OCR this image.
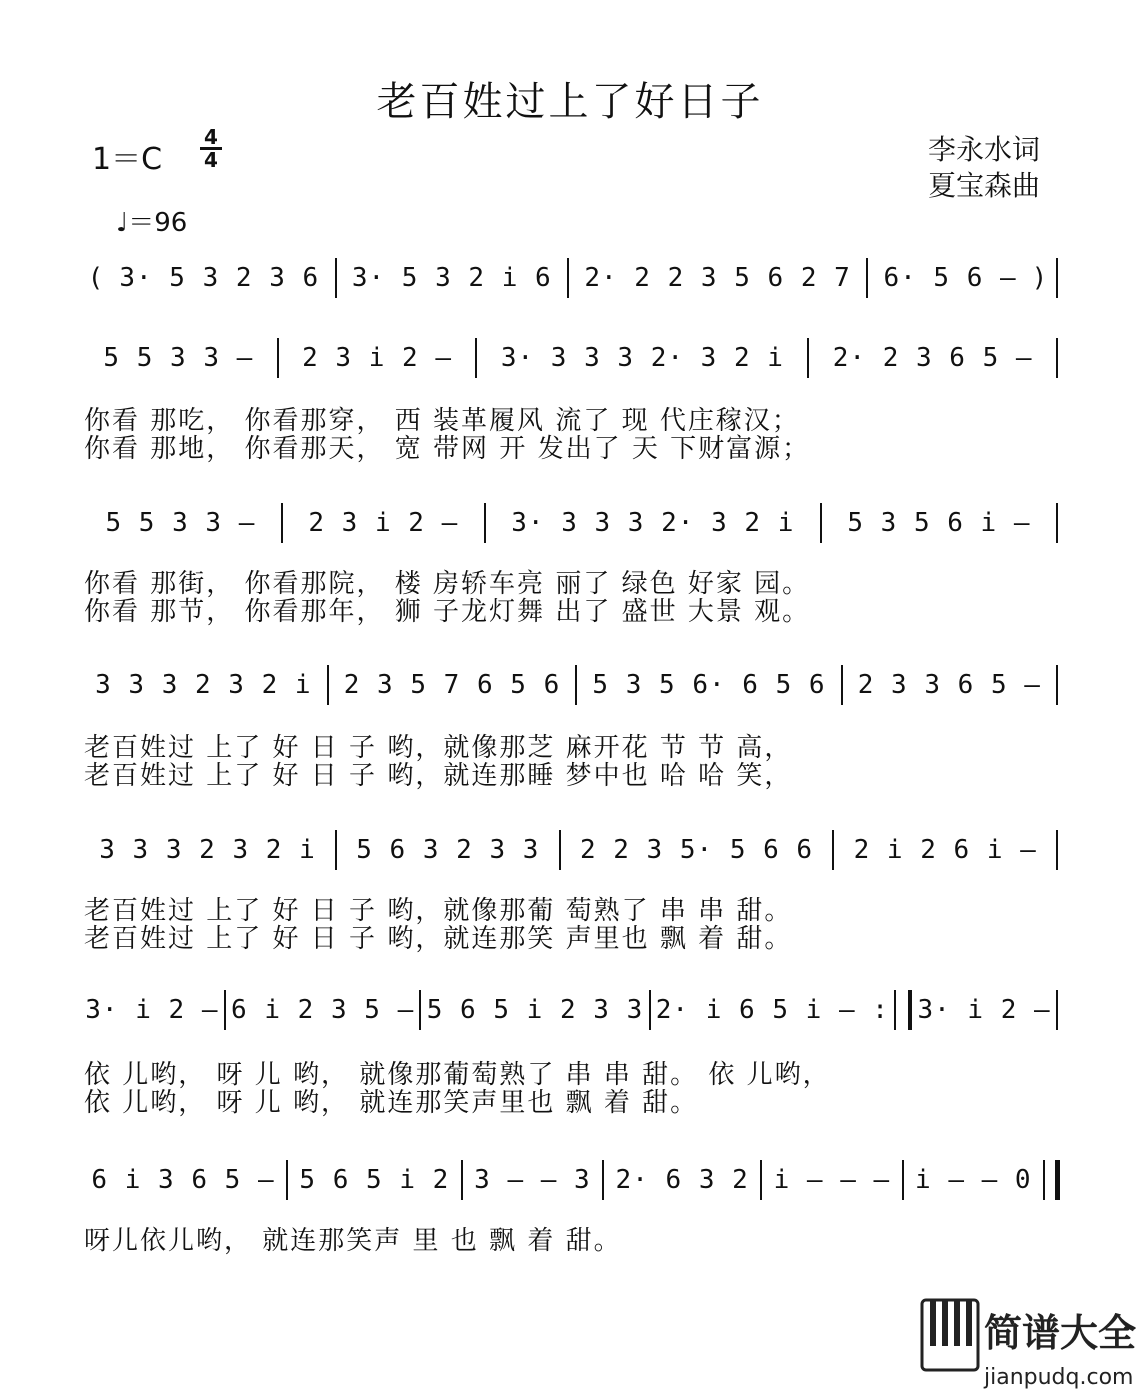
老百姓过上了好日子
1＝C
4
4
♩＝96
李永水词
夏宝森曲
( 3· 5 3 2 3 6	3· 5 3 2 i 6	2· 2 2 3 5 6 2 7	6· 5 6 — )
5 5 3 3 —	2 3 i 2 —	3· 3 3 3 2· 3 2 i	2· 2 3 6 5 —
你看 那吃， 你看那穿， 西 装革履风 流了 现 代庄稼汉；
你看 那地， 你看那天， 宽 带网 开 发出了 天 下财富源；
5 5 3 3 —	2 3 i 2 —	3· 3 3 3 2· 3 2 i	5 3 5 6 i —
你看 那街， 你看那院， 楼 房轿车亮 丽了 绿色 好家 园。
你看 那节， 你看那年， 狮 子龙灯舞 出了 盛世 大景 观。
3 3 3 2 3 2 i	2 3 5 7 6 5 6	5 3 5 6· 6 5 6	2 3 3 6 5 —
老百姓过 上了 好 日 子 哟，就像那芝 麻开花 节 节 高，
老百姓过 上了 好 日 子 哟，就连那睡 梦中也 哈 哈 笑，
3 3 3 2 3 2 i	5 6 3 2 3 3	2 2 3 5· 5 6 6	2 i 2 6 i —
老百姓过 上了 好 日 子 哟，就像那葡 萄熟了 串 串 甜。
老百姓过 上了 好 日 子 哟，就连那笑 声里也 飘 着 甜。
3· i 2 — 6 i 2 3 5 — 5 6 5 i 2 3 3 2· i 6 5 i — : 3· i 2 —
依 儿哟， 呀 儿 哟， 就像那葡萄熟了 串 串 甜。 依 儿哟，
依 儿哟， 呀 儿 哟， 就连那笑声里也 飘 着 甜。
6 i 3 6 5 — 5 6 5 i 2 3 — — 3 2· 6 3 2 i — — — i — — 0
呀儿依儿哟， 就连那笑声 里 也 飘 着 甜。
简谱大全
jianpudq.com
